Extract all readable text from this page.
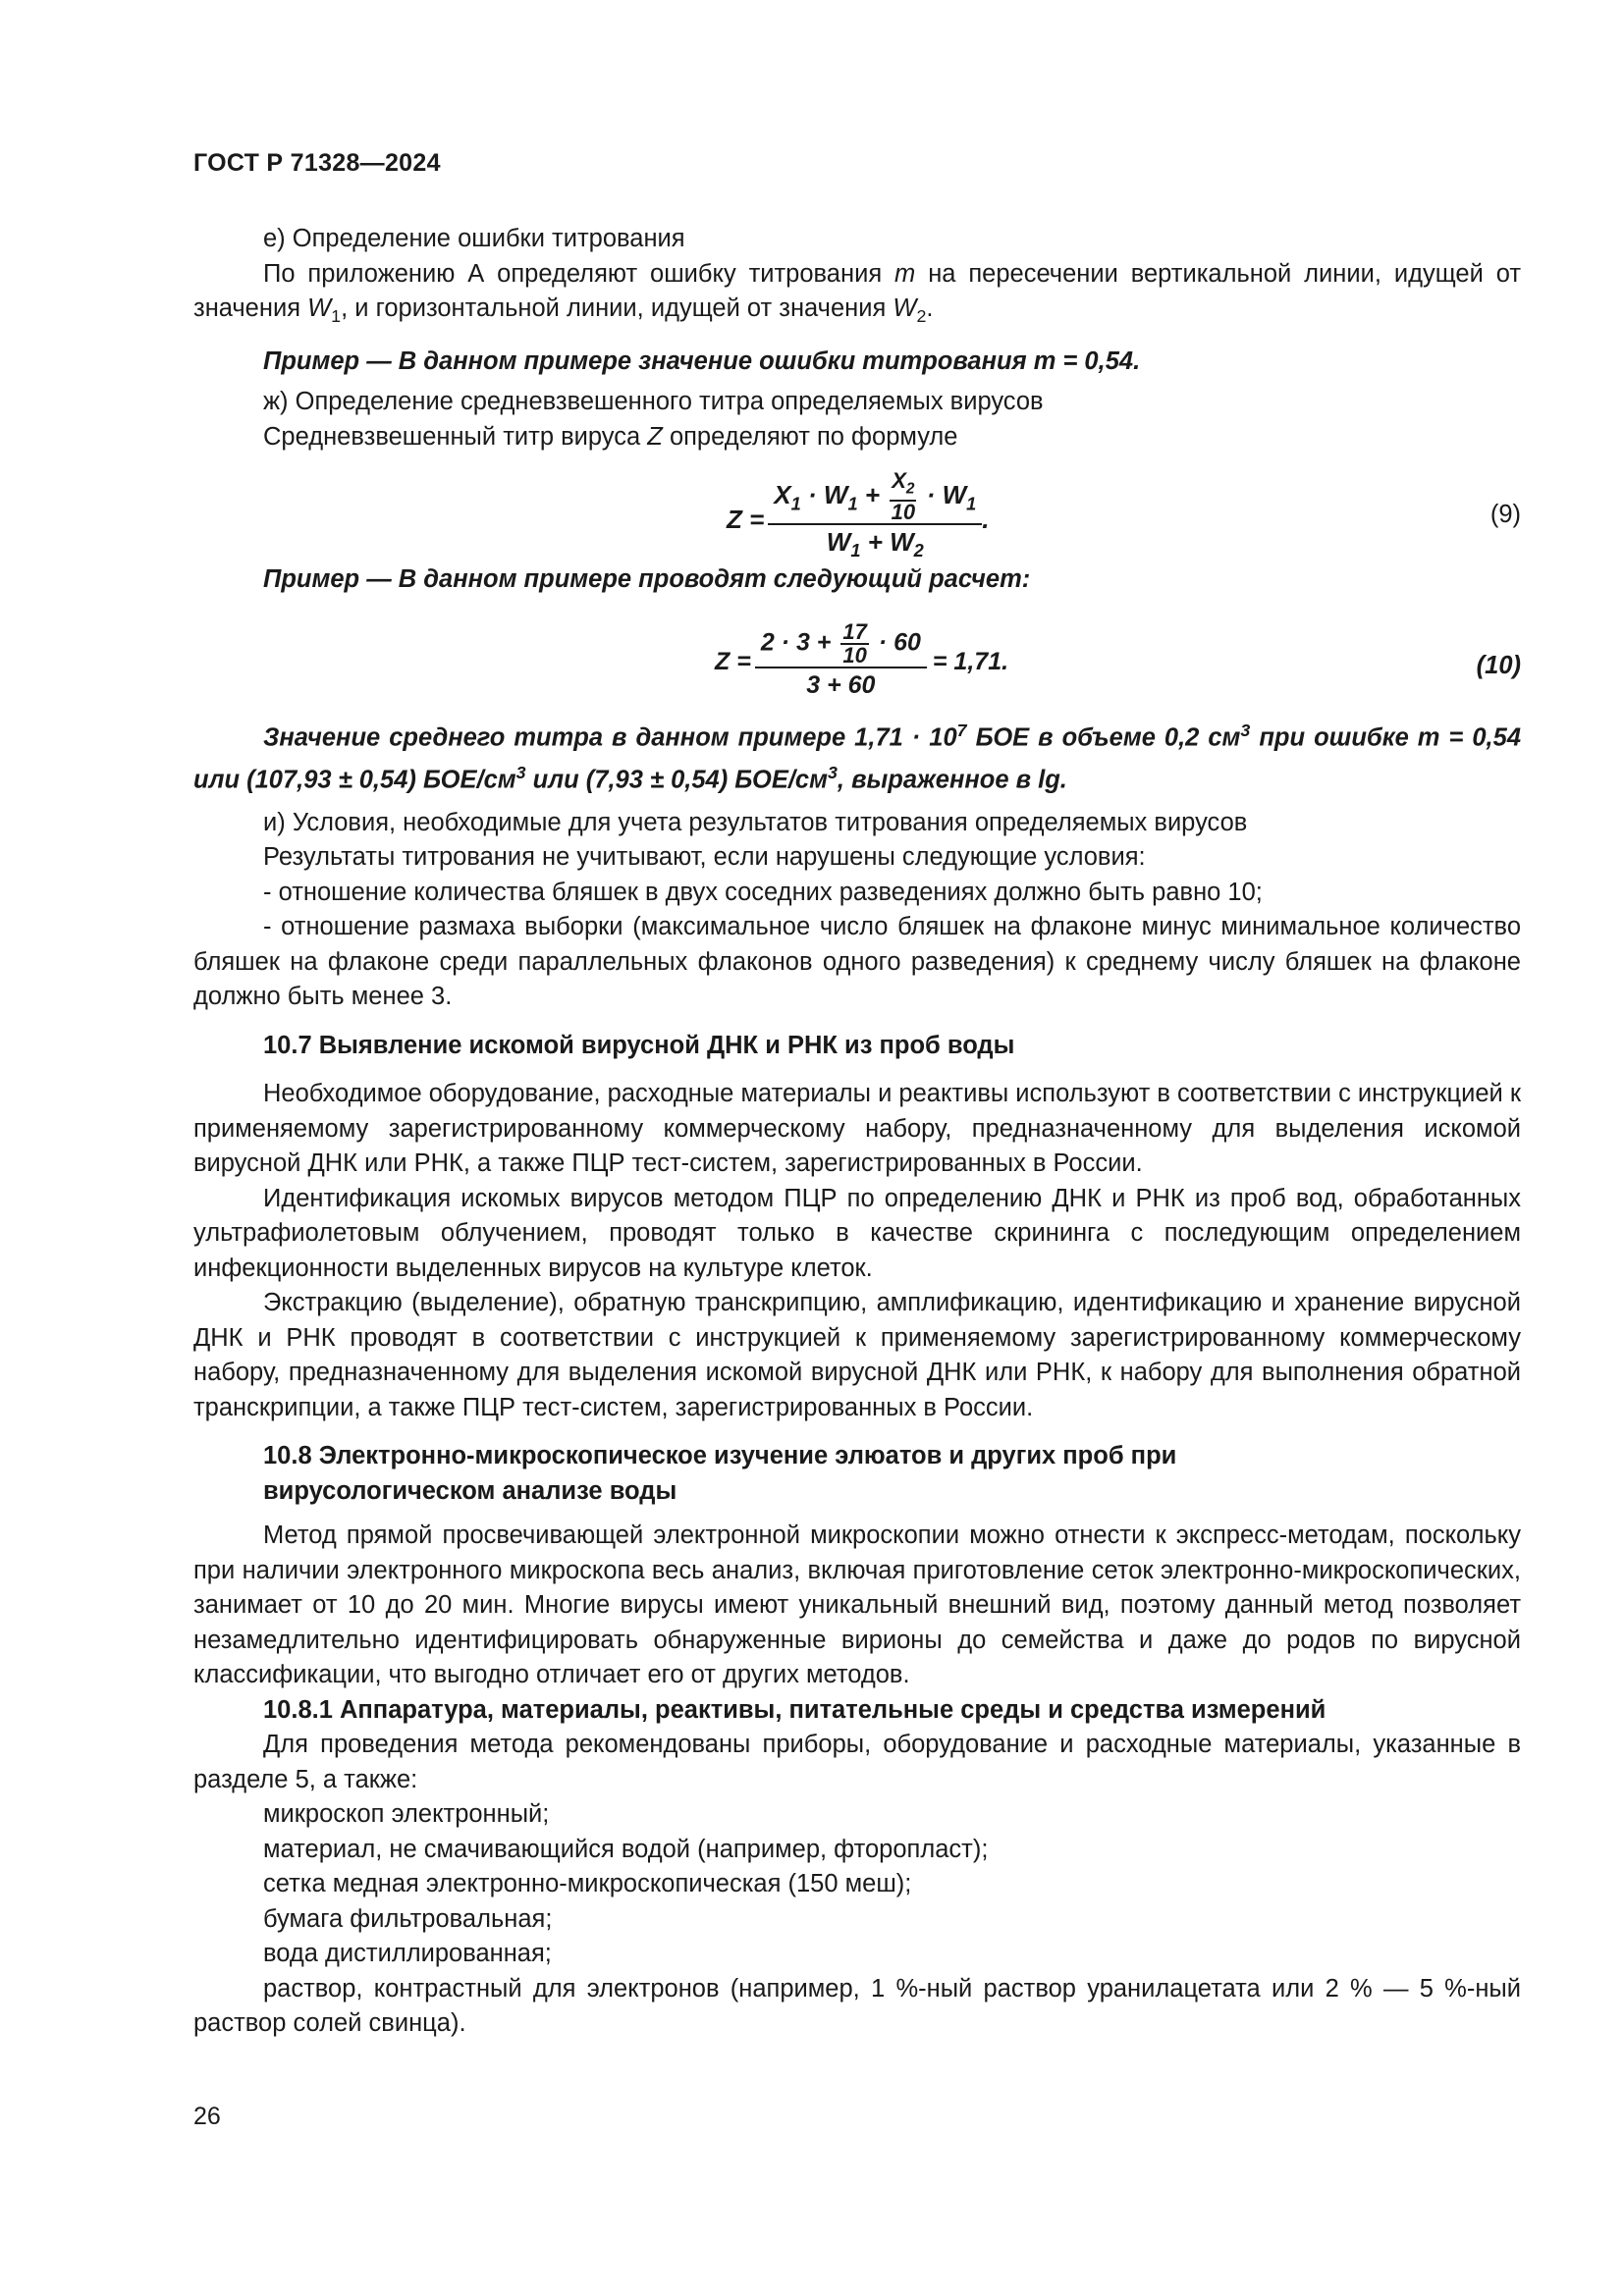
ГОСТ Р 71328—2024

е) Определение ошибки титрования

По приложению А определяют ошибку титрования m на пересечении вертикальной линии, идущей от значения $W_1$, и горизонтальной линии, идущей от значения $W_2$.

Пример — В данном примере значение ошибки титрования m = 0,54.

ж) Определение средневзвешенного титра определяемых вирусов

Средневзвешенный титр вируса Z определяют по формуле

Z =
$X_1 \cdot W_1 + \frac{X_2}{10} \cdot W_1$
$W_1 + W_2$
.	(9)

Пример — В данном примере проводят следующий расчет:

Z =
$2 \cdot 3 + \frac{17}{10} \cdot 60$
3 + 60
= 1,71.	(10)

Значение среднего титра в данном примере $1,71 \cdot 10^7$ БОЕ в объеме 0,2 $см^3$ при ошибке m = 0,54 или (107,93 ± 0,54) БОЕ/$см^3$ или (7,93 ± 0,54) БОЕ/$см^3$, выраженное в lg.

и) Условия, необходимые для учета результатов титрования определяемых вирусов

Результаты титрования не учитывают, если нарушены следующие условия:

- отношение количества бляшек в двух соседних разведениях должно быть равно 10;

- отношение размаха выборки (максимальное число бляшек на флаконе минус минимальное количество бляшек на флаконе среди параллельных флаконов одного разведения) к среднему числу бляшек на флаконе должно быть менее 3.

10.7 Выявление искомой вирусной ДНК и РНК из проб воды

Необходимое оборудование, расходные материалы и реактивы используют в соответствии с инструкцией к применяемому зарегистрированному коммерческому набору, предназначенному для выделения искомой вирусной ДНК или РНК, а также ПЦР тест-систем, зарегистрированных в России.

Идентификация искомых вирусов методом ПЦР по определению ДНК и РНК из проб вод, обработанных ультрафиолетовым облучением, проводят только в качестве скрининга с последующим определением инфекционности выделенных вирусов на культуре клеток.

Экстракцию (выделение), обратную транскрипцию, амплификацию, идентификацию и хранение вирусной ДНК и РНК проводят в соответствии с инструкцией к применяемому зарегистрированному коммерческому набору, предназначенному для выделения искомой вирусной ДНК или РНК, к набору для выполнения обратной транскрипции, а также ПЦР тест-систем, зарегистрированных в России.

10.8 Электронно-микроскопическое изучение элюатов и других проб при
вирусологическом анализе воды

Метод прямой просвечивающей электронной микроскопии можно отнести к экспресс-методам, поскольку при наличии электронного микроскопа весь анализ, включая приготовление сеток электронно-микроскопических, занимает от 10 до 20 мин. Многие вирусы имеют уникальный внешний вид, поэтому данный метод позволяет незамедлительно идентифицировать обнаруженные вирионы до семейства и даже до родов по вирусной классификации, что выгодно отличает его от других методов.

10.8.1 Аппаратура, материалы, реактивы, питательные среды и средства измерений

Для проведения метода рекомендованы приборы, оборудование и расходные материалы, указанные в разделе 5, а также:

микроскоп электронный;

материал, не смачивающийся водой (например, фторопласт);

сетка медная электронно-микроскопическая (150 меш);

бумага фильтровальная;

вода дистиллированная;

раствор, контрастный для электронов (например, 1 %-ный раствор уранилацетата или 2 % — 5 %-ный раствор солей свинца).

26
